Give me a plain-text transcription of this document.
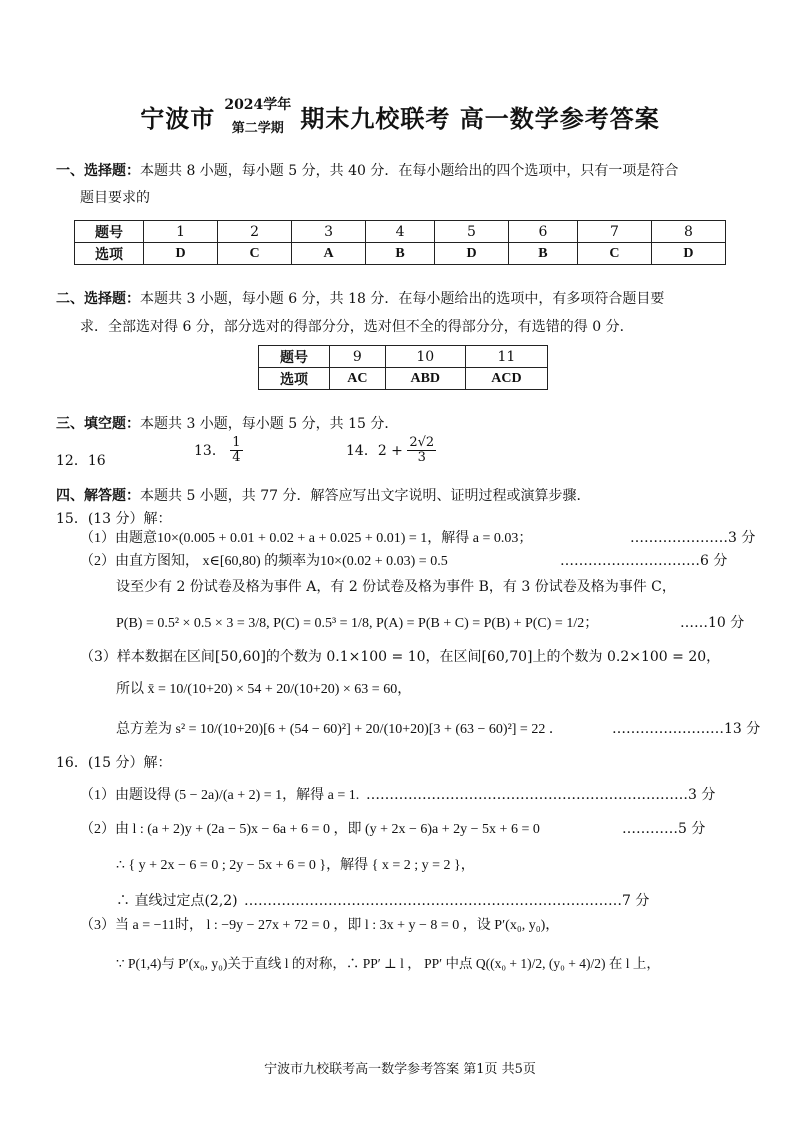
宁波市 2024学年
第二学期 期末九校联考 高一数学参考答案
一、选择题：本题共 8 小题，每小题 5 分，共 40 分．在每小题给出的四个选项中，只有一项是符合
题目要求的
题号	1	2	3	4	5	6	7	8
选项	D	C	A	B	D	B	C	D
二、选择题：本题共 3 小题，每小题 6 分，共 18 分．在每小题给出的选项中，有多项符合题目要
求．全部选对得 6 分，部分选对的得部分分，选对但不全的得部分分，有选错的得 0 分．
题号	9	10	11
选项	AC	ABD	ACD
三、填空题：本题共 3 小题，每小题 5 分，共 15 分．
12．16
13． $\frac{1}{4}$	14．$2 + \frac{2√2}{3}$
四、解答题：本题共 5 小题，共 77 分．解答应写出文字说明、证明过程或演算步骤．
15．(13 分）解：
（1）由题意10×(0.005 + 0.01 + 0.02 + a + 0.025 + 0.01) = 1，解得 a = 0.03；	…………………3 分
（2）由直方图知， x∈[60,80) 的频率为10×(0.02 + 0.03) = 0.5	…………………………6 分
设至少有 2 份试卷及格为事件 A，有 2 份试卷及格为事件 B，有 3 份试卷及格为事件 C，
P(B) = 0.5² × 0.5 × 3 = 3/8, P(C) = 0.5³ = 1/8, P(A) = P(B + C) = P(B) + P(C) = 1/2；	……10 分
（3）样本数据在区间[50,60]的个数为 0.1×100 = 10，在区间[60,70]上的个数为 0.2×100 = 20，
所以 x̄ = 10/(10+20) × 54 + 20/(10+20) × 63 = 60，
总方差为 s² = 10/(10+20)[6 + (54 − 60)²] + 20/(10+20)[3 + (63 − 60)²] = 22 ．	……………………13 分
16．(15 分）解：
（1）由题设得 (5 − 2a)/(a + 2) = 1，解得 a = 1. ……………………………………………………………3 分
（2）由 l : (a + 2)y + (2a − 5)x − 6a + 6 = 0 ，即 (y + 2x − 6)a + 2y − 5x + 6 = 0	…………5 分
∴ { y + 2x − 6 = 0 ; 2y − 5x + 6 = 0 }，解得 { x = 2 ; y = 2 }，
∴ 直线过定点(2,2) ………………………………………………………………………7 分
（3）当 a = −11时， l : −9y − 27x + 72 = 0 ，即 l : 3x + y − 8 = 0 ，设 P′(x₀, y₀)，
∵ P(1,4)与 P′(x₀, y₀)关于直线 l 的对称，∴ PP′ ⊥ l ， PP′ 中点 Q((x₀ + 1)/2, (y₀ + 4)/2) 在 l 上，
宁波市九校联考高一数学参考答案 第1页 共5页
